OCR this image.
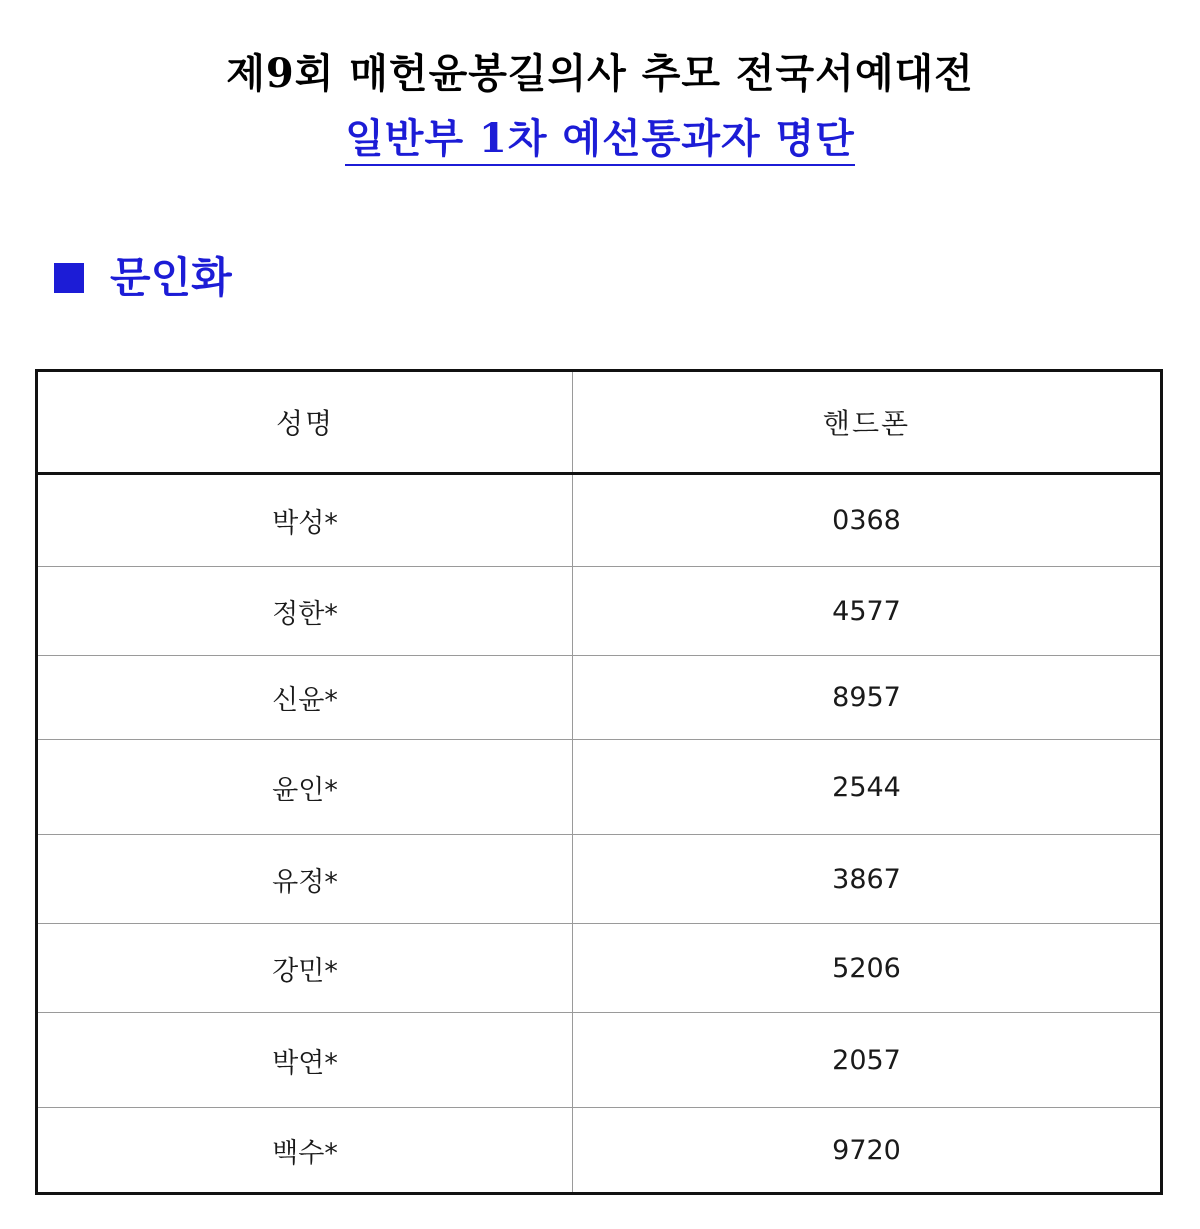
제9회 매헌윤봉길의사 추모 전국서예대전
일반부 1차 예선통과자 명단
문인화
성명	핸드폰
박성*	0368
정한*	4577
신윤*	8957
윤인*	2544
유정*	3867
강민*	5206
박연*	2057
백수*	9720
